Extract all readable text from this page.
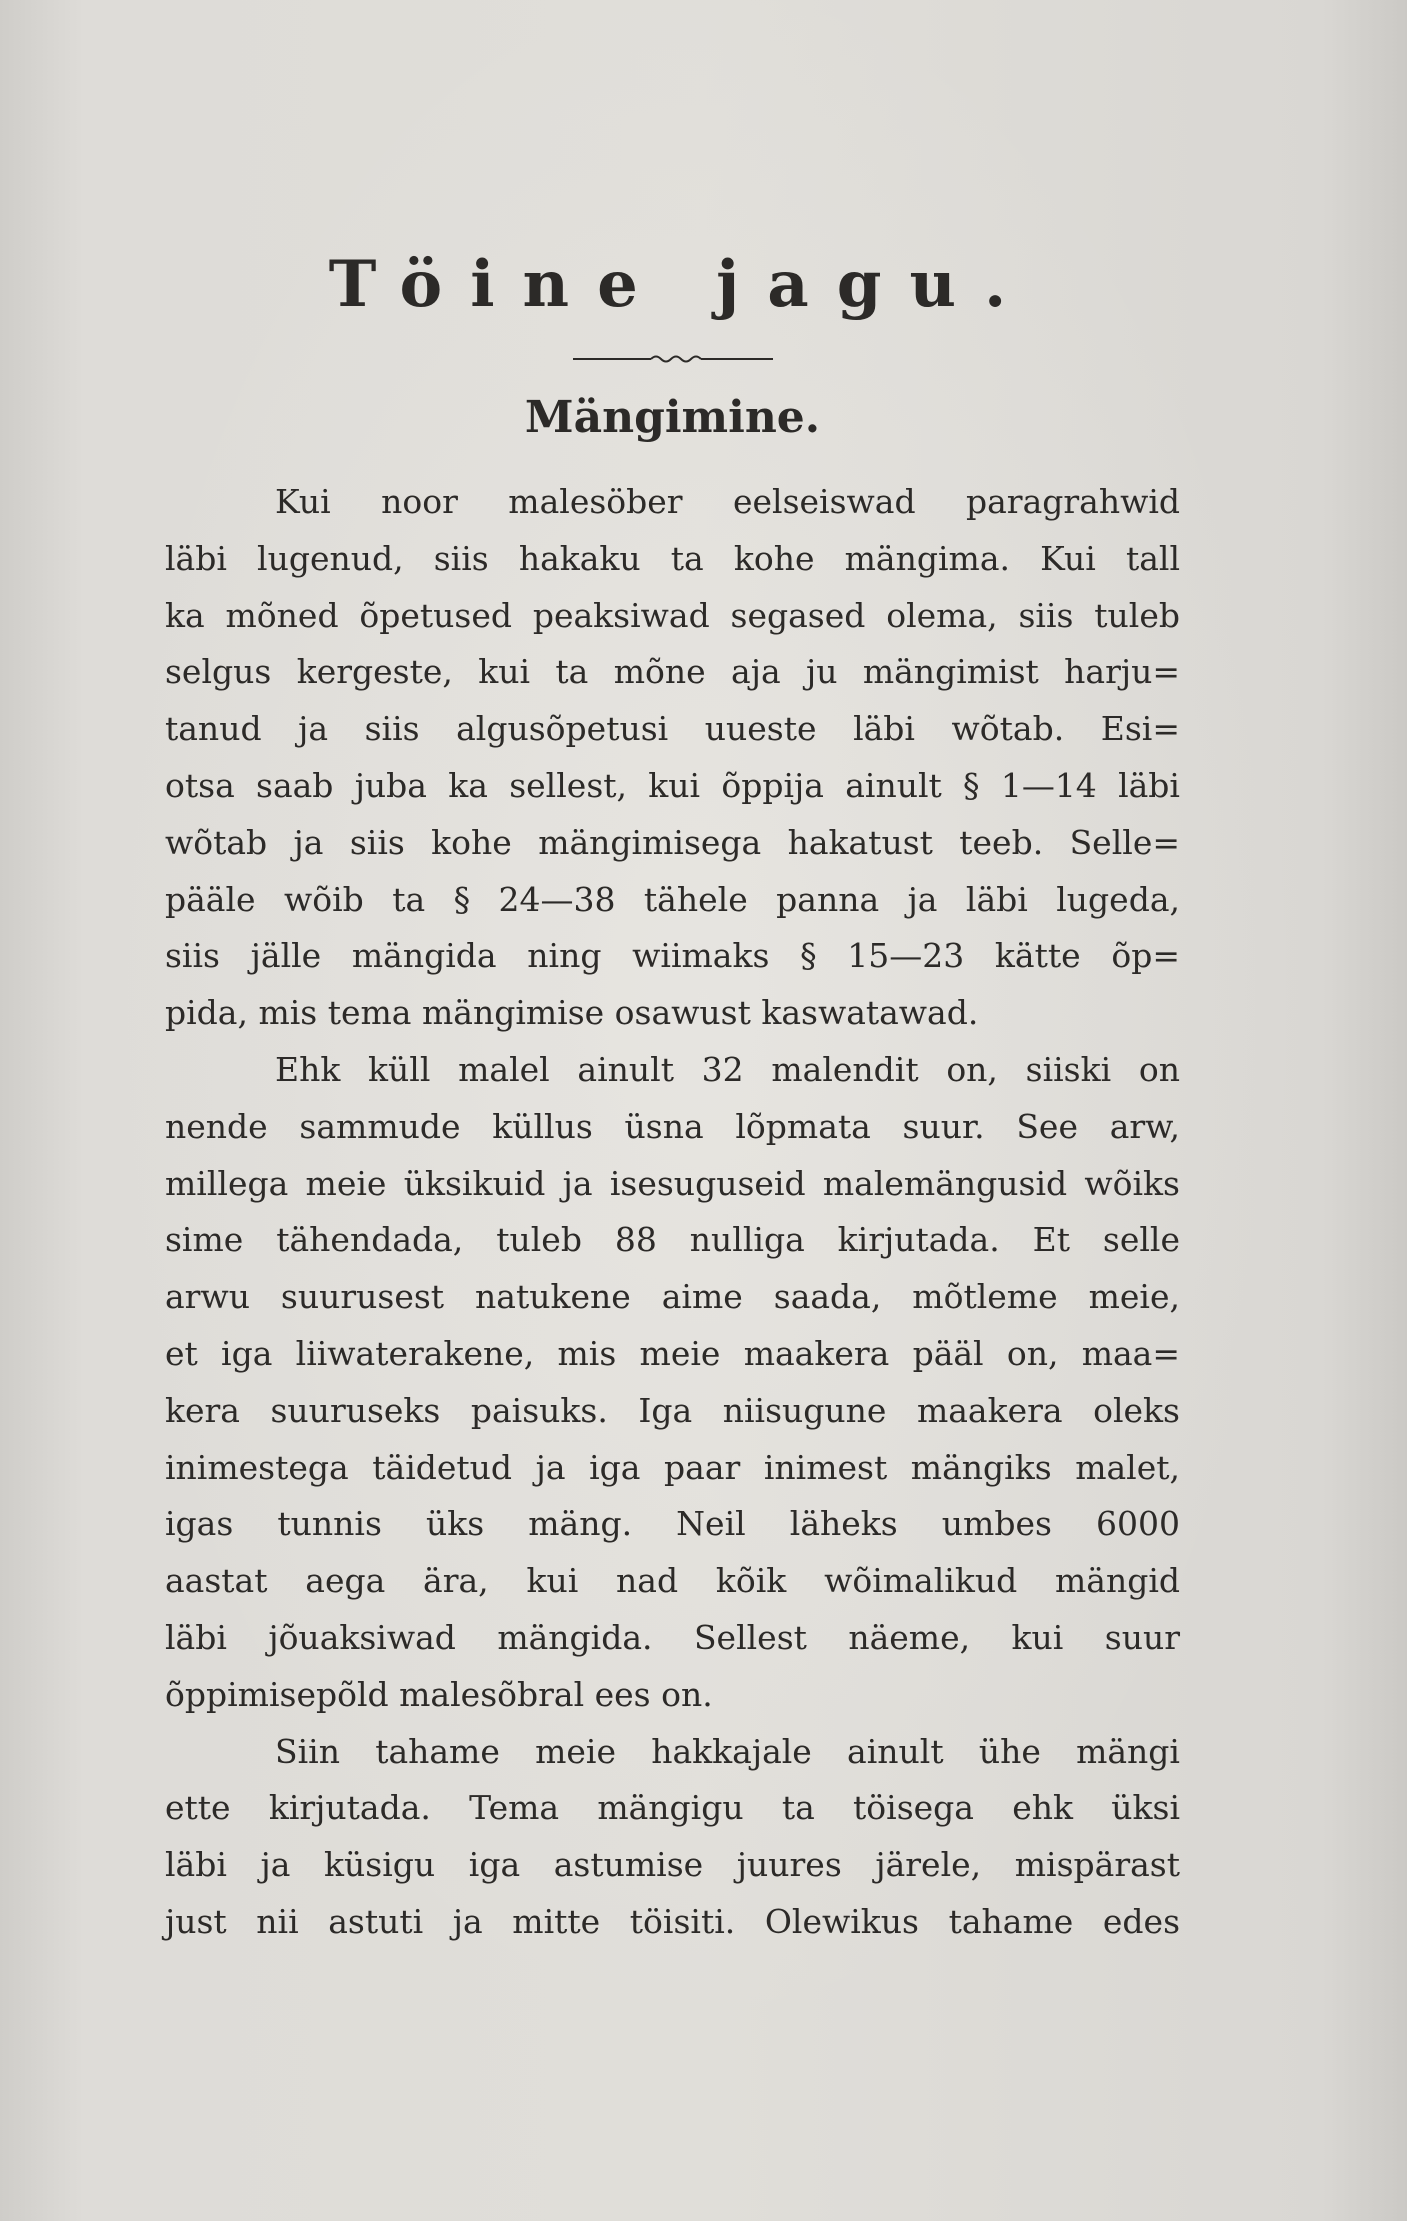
Töine jagu.
Mängimine.
Kui noor malesöber eelseiswad paragrahwid
läbi lugenud, siis hakaku ta kohe mängima. Kui tall
ka mõned õpetused peaksiwad segased olema, siis tuleb
selgus kergeste, kui ta mõne aja ju mängimist harju=
tanud ja siis algusõpetusi uueste läbi wõtab. Esi=
otsa saab juba ka sellest, kui õppija ainult § 1—14 läbi
wõtab ja siis kohe mängimisega hakatust teeb. Selle=
pääle wõib ta § 24—38 tähele panna ja läbi lugeda,
siis jälle mängida ning wiimaks § 15—23 kätte õp=
pida, mis tema mängimise osawust kaswatawad.
Ehk küll malel ainult 32 malendit on, siiski on
nende sammude küllus üsna lõpmata suur. See arw,
millega meie üksikuid ja isesuguseid malemängusid wõiks
sime tähendada, tuleb 88 nulliga kirjutada. Et selle
arwu suurusest natukene aime saada, mõtleme meie,
et iga liiwaterakene, mis meie maakera pääl on, maa=
kera suuruseks paisuks. Iga niisugune maakera oleks
inimestega täidetud ja iga paar inimest mängiks malet,
igas tunnis üks mäng. Neil läheks umbes 6000
aastat aega ära, kui nad kõik wõimalikud mängid
läbi jõuaksiwad mängida. Sellest näeme, kui suur
õppimisepõld malesõbral ees on.
Siin tahame meie hakkajale ainult ühe mängi
ette kirjutada. Tema mängigu ta töisega ehk üksi
läbi ja küsigu iga astumise juures järele, mispärast
just nii astuti ja mitte töisiti. Olewikus tahame edes
